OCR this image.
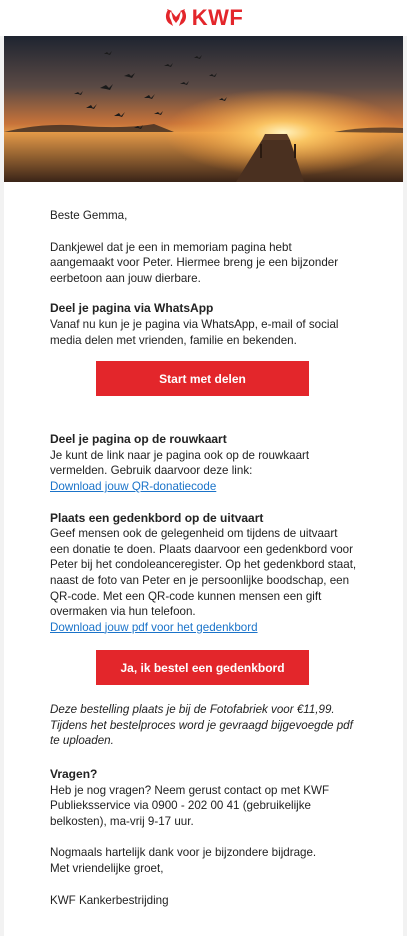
KWF

Beste Gemma,

Dankjewel dat je een in memoriam pagina hebt aangemaakt voor Peter. Hiermee breng je een bijzonder eerbetoon aan jouw dierbare.

Deel je pagina via WhatsApp

Vanaf nu kun je je pagina via WhatsApp, e-mail of social media delen met vrienden, familie en bekenden.

Start met delen

Deel je pagina op de rouwkaart

Je kunt de link naar je pagina ook op de rouwkaart vermelden. Gebruik daarvoor deze link:

Download jouw QR-donatiecode

Plaats een gedenkbord op de uitvaart

Geef mensen ook de gelegenheid om tijdens de uitvaart een donatie te doen. Plaats daarvoor een gedenkbord voor Peter bij het condoleanceregister. Op het gedenkbord staat, naast de foto van Peter en je persoonlijke boodschap, een QR-code. Met een QR-code kunnen mensen een gift overmaken via hun telefoon.

Download jouw pdf voor het gedenkbord

Ja, ik bestel een gedenkbord

Deze bestelling plaats je bij de Fotofabriek voor €11,99. Tijdens het bestelproces word je gevraagd bijgevoegde pdf te uploaden.

Vragen?

Heb je nog vragen? Neem gerust contact op met KWF Publieksservice via 0900 - 202 00 41 (gebruikelijke belkosten), ma-vrij 9-17 uur.

Nogmaals hartelijk dank voor je bijzondere bijdrage.

Met vriendelijke groet,

KWF Kankerbestrijding
